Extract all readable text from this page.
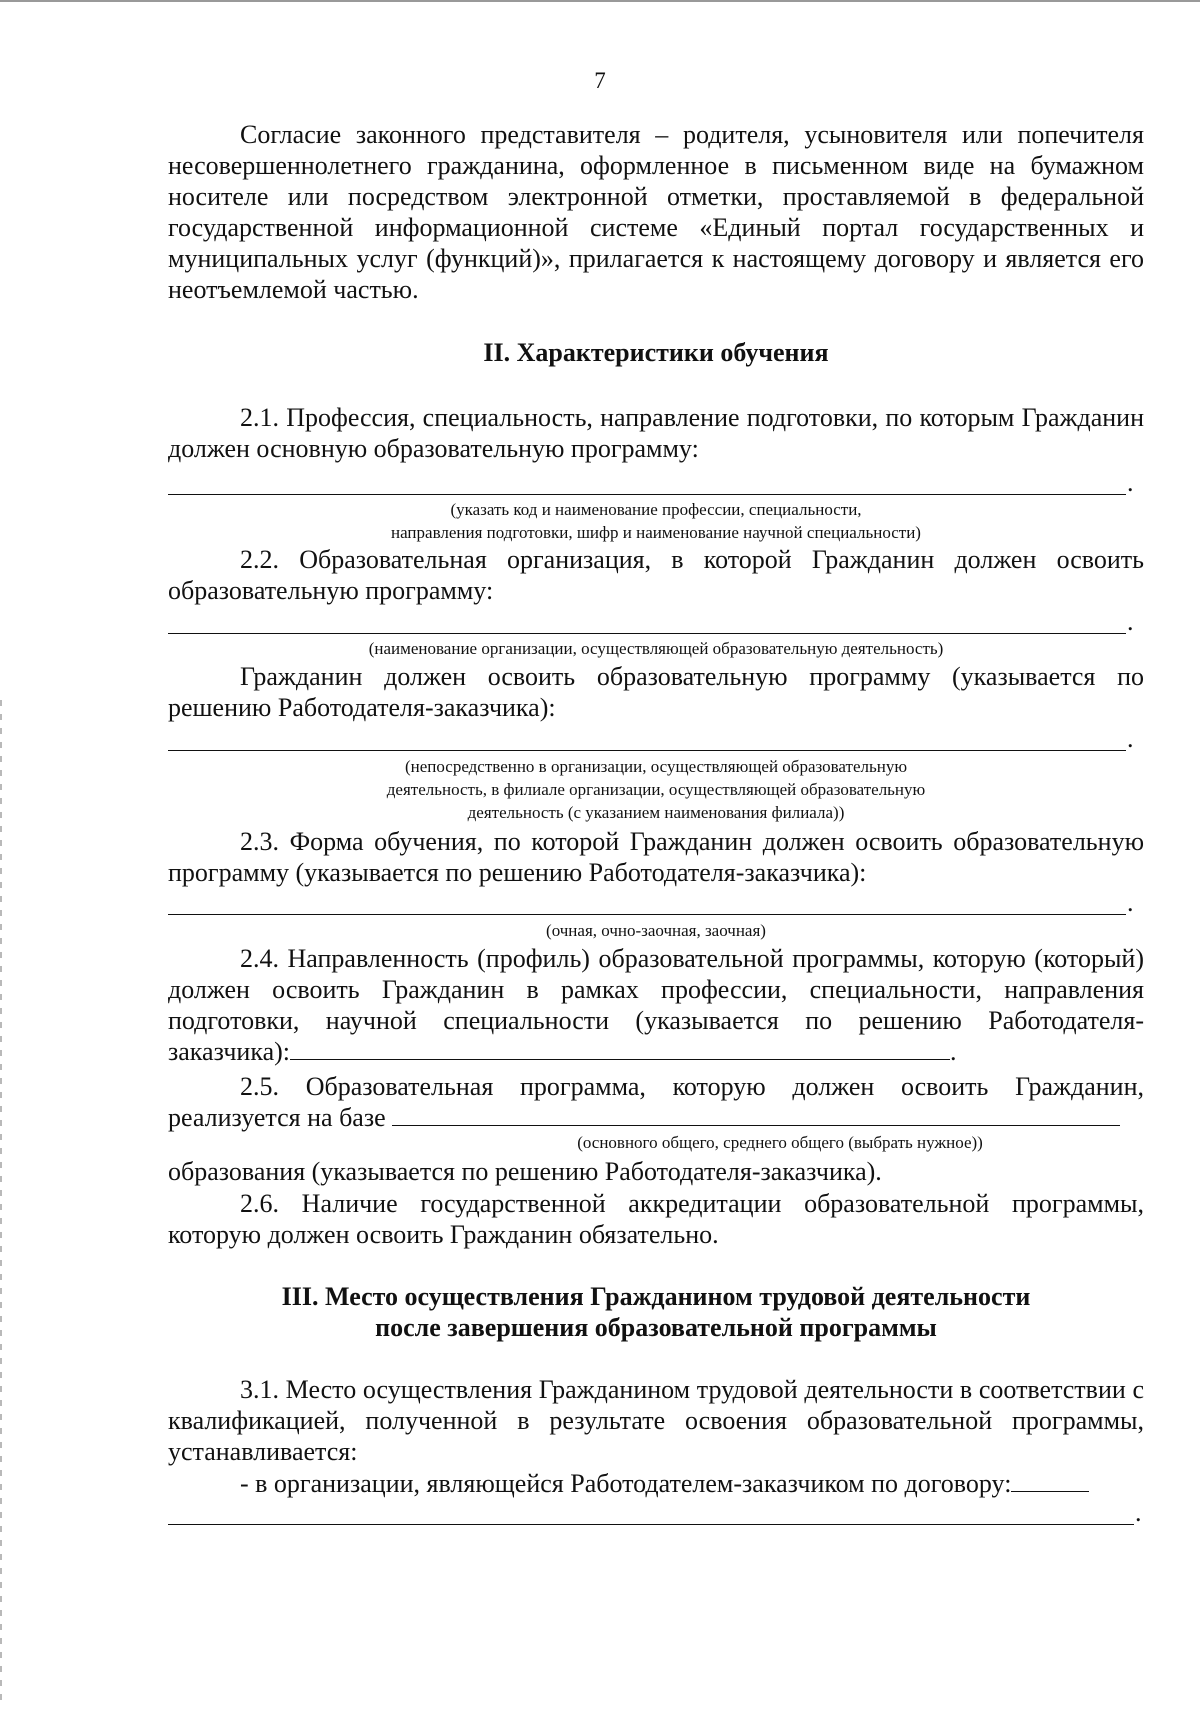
7

Согласие законного представителя – родителя, усыновителя или попечителя несовершеннолетнего гражданина, оформленное в письменном виде на бумажном носителе или посредством электронной отметки, проставляемой в федеральной государственной информационной системе «Единый портал государственных и муниципальных услуг (функций)», прилагается к настоящему договору и является его неотъемлемой частью.

II. Характеристики обучения

2.1. Профессия, специальность, направление подготовки, по которым Гражданин должен основную образовательную программу:

.

(указать код и наименование профессии, специальности,

направления подготовки, шифр и наименование научной специальности)

2.2. Образовательная организация, в которой Гражданин должен освоить образовательную программу:

.

(наименование организации, осуществляющей образовательную деятельность)

Гражданин должен освоить образовательную программу (указывается по решению Работодателя-заказчика):

.

(непосредственно в организации, осуществляющей образовательную

деятельность, в филиале организации, осуществляющей образовательную

деятельность (с указанием наименования филиала))

2.3. Форма обучения, по которой Гражданин должен освоить образовательную программу (указывается по решению Работодателя-заказчика):

.

(очная, очно-заочная, заочная)

2.4. Направленность (профиль) образовательной программы, которую (который) должен освоить Гражданин в рамках профессии, специальности, направления подготовки, научной специальности (указывается по решению Работодателя-заказчика):	.

2.5. Образовательная программа, которую должен освоить Гражданин, реализуется на базе

(основного общего, среднего общего (выбрать нужное))

образования (указывается по решению Работодателя-заказчика).

2.6. Наличие государственной аккредитации образовательной программы, которую должен освоить Гражданин обязательно.

III. Место осуществления Гражданином трудовой деятельности
после завершения образовательной программы

3.1. Место осуществления Гражданином трудовой деятельности в соответствии с квалификацией, полученной в результате освоения образовательной программы, устанавливается:

- в организации, являющейся Работодателем-заказчиком по договору:

.
